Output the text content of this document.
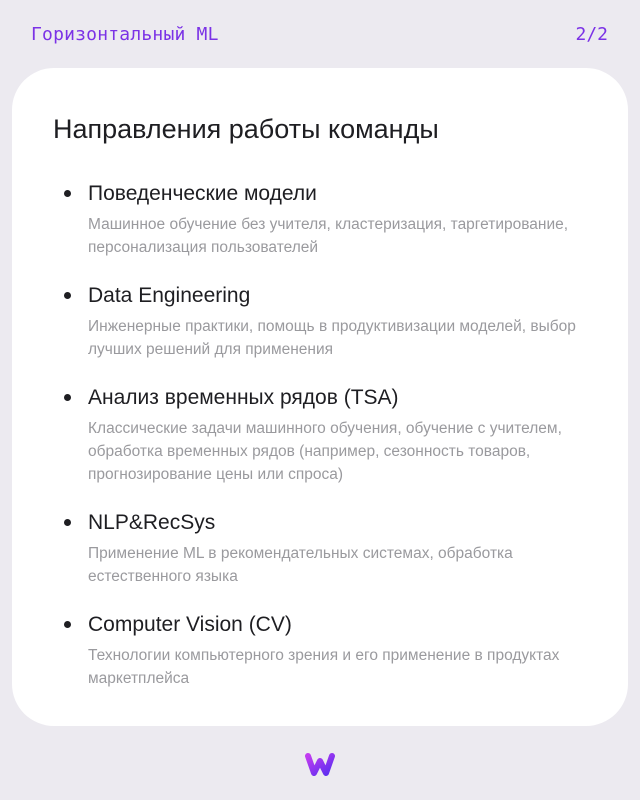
Горизонтальный ML	2/2
Направления работы команды
Поведенческие модели
Машинное обучение без учителя, кластеризация, таргетирование, персонализация пользователей
Data Engineering
Инженерные практики, помощь в продуктивизации моделей, выбор лучших решений для применения
Анализ временных рядов (TSA)
Классические задачи машинного обучения, обучение с учителем, обработка временных рядов (например, сезонность товаров, прогнозирование цены или спроса)
NLP&RecSys
Применение ML в рекомендательных системах, обработка естественного языка
Computer Vision (CV)
Технологии компьютерного зрения и его применение в продуктах маркетплейса
